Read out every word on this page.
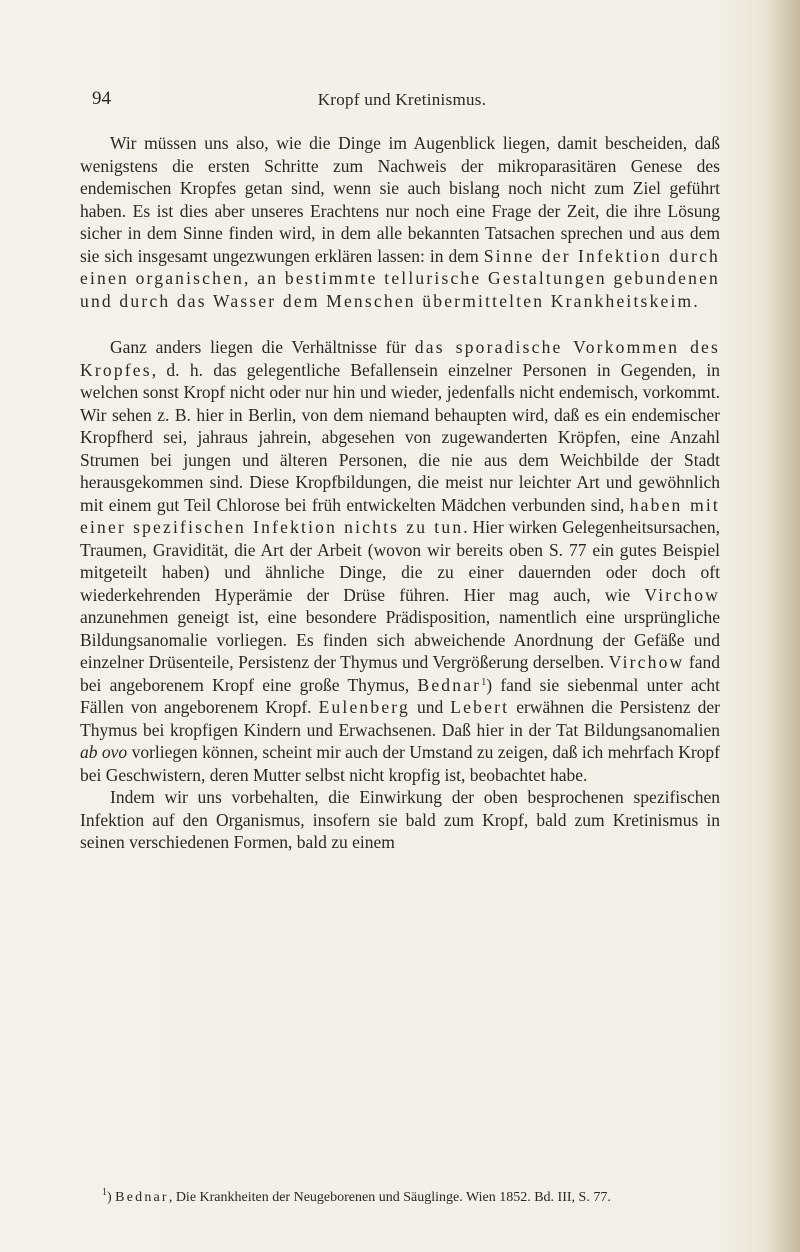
94	Kropf und Kretinismus.

Wir müssen uns also, wie die Dinge im Augenblick liegen, damit bescheiden, daß wenigstens die ersten Schritte zum Nachweis der mikroparasitären Genese des endemischen Kropfes getan sind, wenn sie auch bislang noch nicht zum Ziel geführt haben. Es ist dies aber unseres Erachtens nur noch eine Frage der Zeit, die ihre Lösung sicher in dem Sinne finden wird, in dem alle bekannten Tatsachen sprechen und aus dem sie sich insgesamt ungezwungen erklären lassen: in dem Sinne der Infektion durch einen organischen, an bestimmte tellurische Gestaltungen gebundenen und durch das Wasser dem Menschen übermittelten Krankheitskeim.

Ganz anders liegen die Verhältnisse für das sporadische Vorkommen des Kropfes, d. h. das gelegentliche Befallensein einzelner Personen in Gegenden, in welchen sonst Kropf nicht oder nur hin und wieder, jedenfalls nicht endemisch, vorkommt. Wir sehen z. B. hier in Berlin, von dem niemand behaupten wird, daß es ein endemischer Kropfherd sei, jahraus jahrein, abgesehen von zugewanderten Kröpfen, eine Anzahl Strumen bei jungen und älteren Personen, die nie aus dem Weichbilde der Stadt herausgekommen sind. Diese Kropfbildungen, die meist nur leichter Art und gewöhnlich mit einem gut Teil Chlorose bei früh entwickelten Mädchen verbunden sind, haben mit einer spezifischen Infektion nichts zu tun. Hier wirken Gelegenheitsursachen, Traumen, Gravidität, die Art der Arbeit (wovon wir bereits oben S. 77 ein gutes Beispiel mitgeteilt haben) und ähnliche Dinge, die zu einer dauernden oder doch oft wiederkehrenden Hyperämie der Drüse führen. Hier mag auch, wie Virchow anzunehmen geneigt ist, eine besondere Prädisposition, namentlich eine ursprüngliche Bildungsanomalie vorliegen. Es finden sich abweichende Anordnung der Gefäße und einzelner Drüsenteile, Persistenz der Thymus und Vergrößerung derselben. Virchow fand bei angeborenem Kropf eine große Thymus, Bednar$^1$) fand sie siebenmal unter acht Fällen von angeborenem Kropf. Eulenberg und Lebert erwähnen die Persistenz der Thymus bei kropfigen Kindern und Erwachsenen. Daß hier in der Tat Bildungsanomalien ab ovo vorliegen können, scheint mir auch der Umstand zu zeigen, daß ich mehrfach Kropf bei Geschwistern, deren Mutter selbst nicht kropfig ist, beobachtet habe.

Indem wir uns vorbehalten, die Einwirkung der oben besprochenen spezifischen Infektion auf den Organismus, insofern sie bald zum Kropf, bald zum Kretinismus in seinen verschiedenen Formen, bald zu einem

$^1$) Bednar, Die Krankheiten der Neugeborenen und Säuglinge. Wien 1852. Bd. III, S. 77.
